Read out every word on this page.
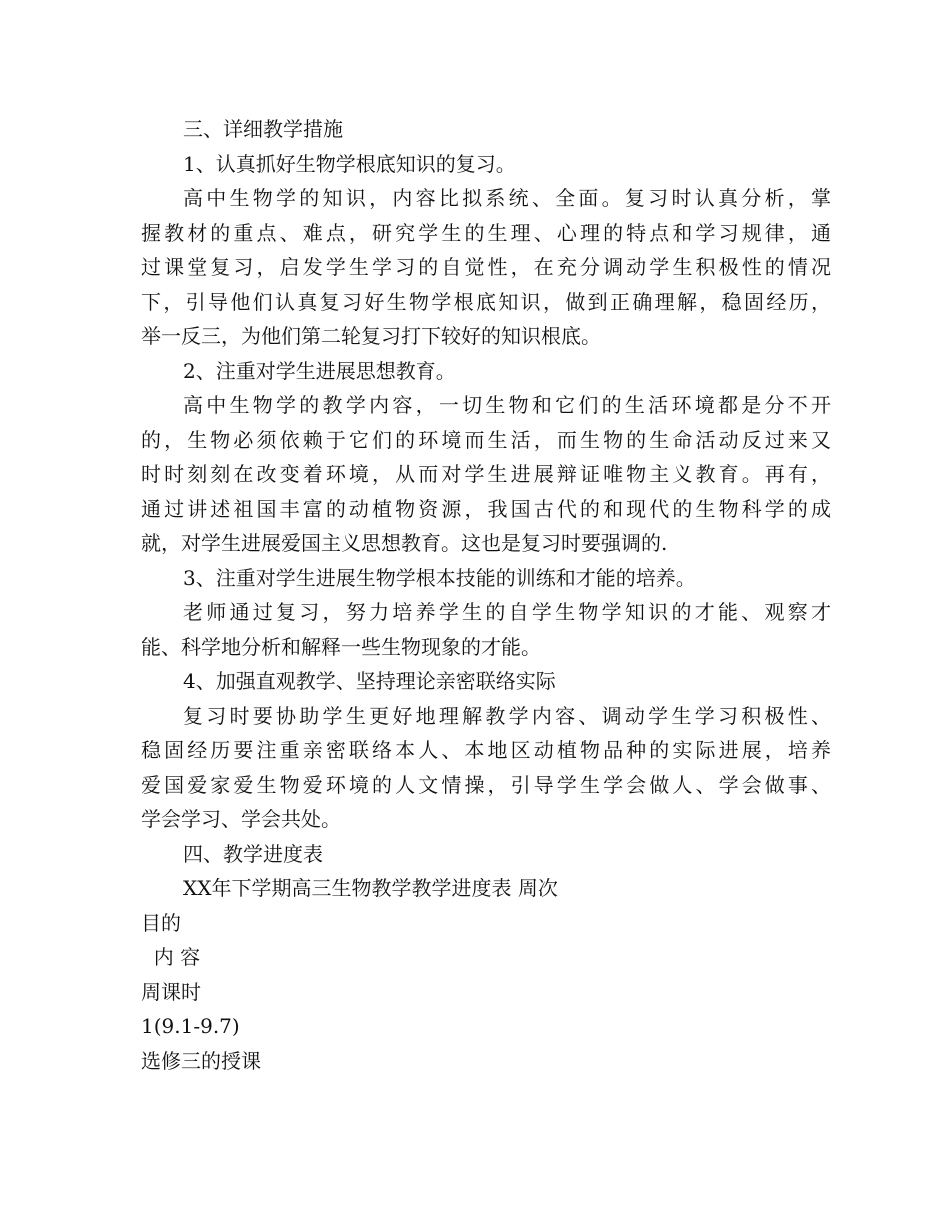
三、详细教学措施
1、认真抓好生物学根底知识的复习。
高中生物学的知识，内容比拟系统、全面。复习时认真分析，掌
握教材的重点、难点，研究学生的生理、心理的特点和学习规律，通
过课堂复习，启发学生学习的自觉性，在充分调动学生积极性的情况
下，引导他们认真复习好生物学根底知识，做到正确理解，稳固经历，
举一反三，为他们第二轮复习打下较好的知识根底。
2、注重对学生进展思想教育。
高中生物学的教学内容，一切生物和它们的生活环境都是分不开
的，生物必须依赖于它们的环境而生活，而生物的生命活动反过来又
时时刻刻在改变着环境，从而对学生进展辩证唯物主义教育。再有，
通过讲述祖国丰富的动植物资源，我国古代的和现代的生物科学的成
就，对学生进展爱国主义思想教育。这也是复习时要强调的.
3、注重对学生进展生物学根本技能的训练和才能的培养。
老师通过复习，努力培养学生的自学生物学知识的才能、观察才
能、科学地分析和解释一些生物现象的才能。
4、加强直观教学、坚持理论亲密联络实际
复习时要协助学生更好地理解教学内容、调动学生学习积极性、
稳固经历要注重亲密联络本人、本地区动植物品种的实际进展，培养
爱国爱家爱生物爱环境的人文情操，引导学生学会做人、学会做事、
学会学习、学会共处。
四、教学进度表
XX年下学期高三生物教学教学进度表 周次
目的
内 容
周课时
1(9.1-9.7)
选修三的授课
